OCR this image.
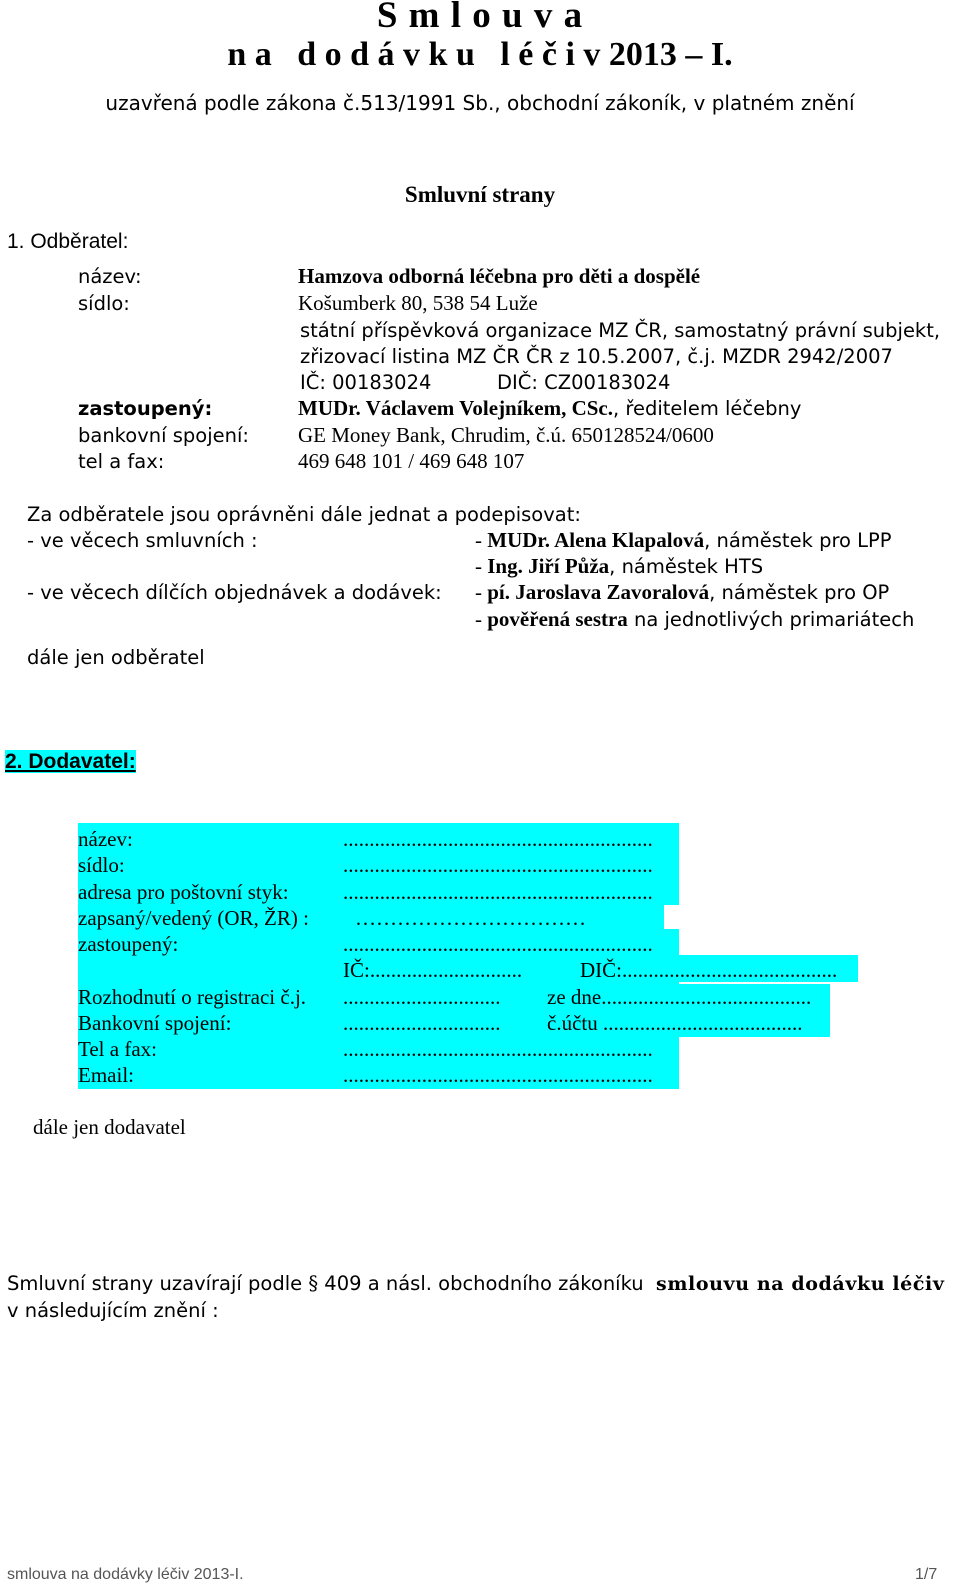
S m l o u v a
n a   d o d á v k u   l é č i v 2013 – I.
uzavřená podle zákona č.513/1991 Sb., obchodní zákoník, v platném znění
Smluvní strany
1. Odběratel:
název:	Hamzova odborná léčebna pro děti a dospělé
sídlo:	Košumberk 80, 538 54 Luže
státní příspěvková organizace MZ ČR, samostatný právní subjekt,
zřizovací listina MZ ČR ČR z 10.5.2007, č.j. MZDR 2942/2007
IČ: 00183024	DIČ: CZ00183024
zastoupený:	MUDr. Václavem Volejníkem, CSc., ředitelem léčebny
bankovní spojení: GE Money Bank, Chrudim, č.ú. 650128524/0600
tel a fax:	469 648 101 / 469 648 107
Za odběratele jsou oprávněni dále jednat a podepisovat:
- ve věcech smluvních :	- MUDr. Alena Klapalová, náměstek pro LPP
- Ing. Jiří Půža, náměstek HTS
- ve věcech dílčích objednávek a dodávek: - pí. Jaroslava Zavoralová, náměstek pro OP
- pověřená sestra na jednotlivých primariátech
dále jen odběratel
2. Dodavatel:
název:	...........................................................
sídlo:	...........................................................
adresa pro poštovní styk:	...........................................................
zapsaný/vedený (OR, ŽR) : ……………………………
zastoupený:	...........................................................
IČ:.............................	DIČ:.........................................
Rozhodnutí o registraci č.j. .............................. ze dne........................................
Bankovní spojení:	.............................. č.účtu ......................................
Tel a fax:	...........................................................
Email:	...........................................................
dále jen dodavatel
Smluvní strany uzavírají podle § 409 a násl. obchodního zákoníku  smlouvu na dodávku léčiv
v následujícím znění :
smlouva na dodávky léčiv 2013-I.	1/7
